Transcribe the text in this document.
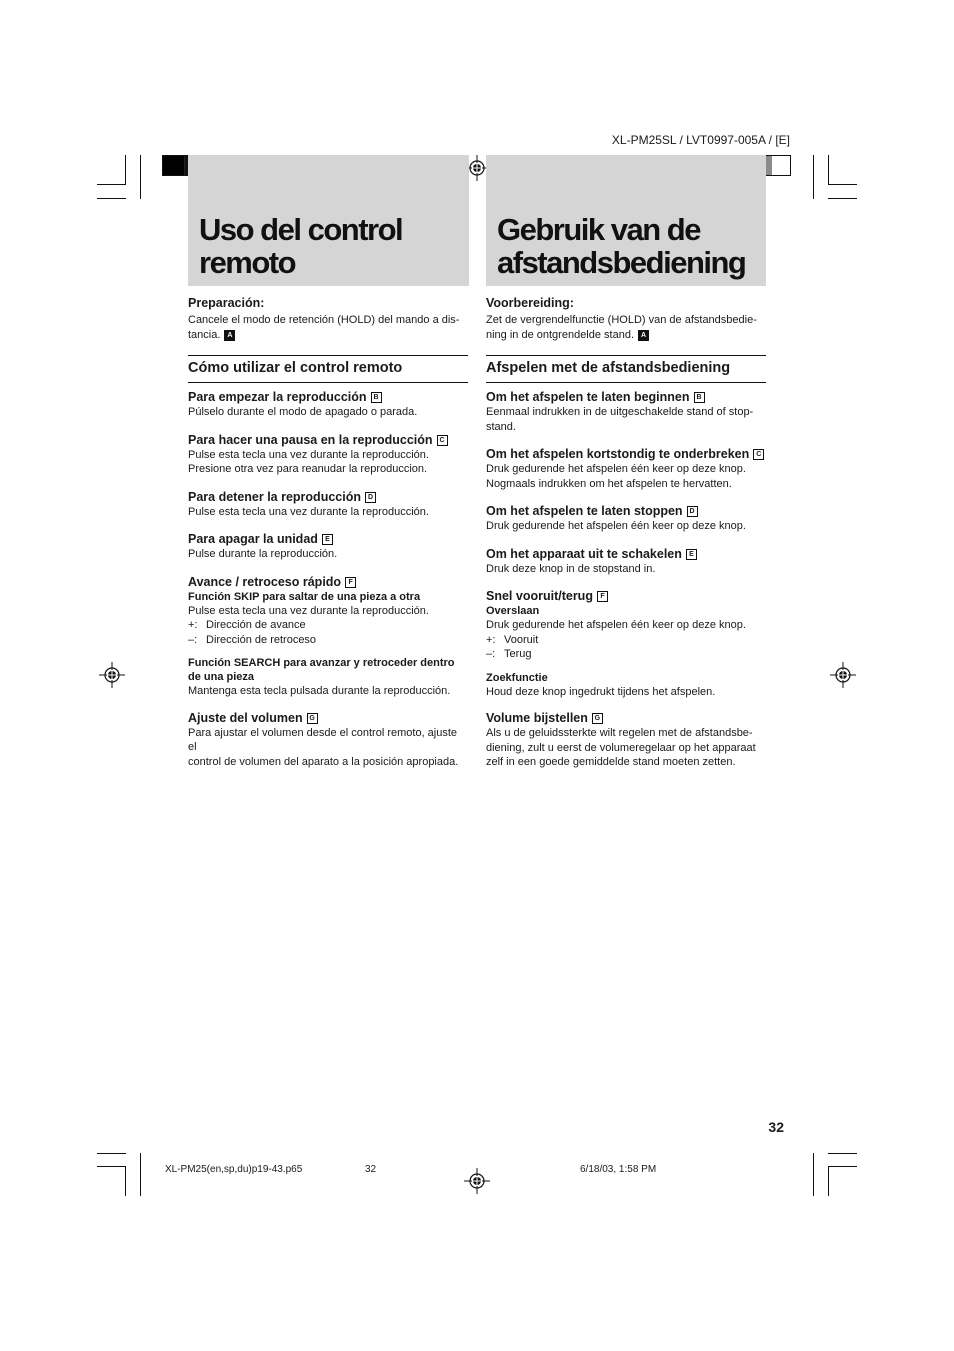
XL-PM25SL / LVT0997-005A / [E]
Uso del control
remoto
Gebruik van de
afstandsbediening

Preparación:

Cancele el modo de retención (HOLD) del mando a dis-
tancia. A

Cómo utilizar el control remoto

Para empezar la reproducción B

Púlselo durante el modo de apagado o parada.

Para hacer una pausa en la reproducción C

Pulse esta tecla una vez durante la reproducción.

Presione otra vez para reanudar la reproduccion.

Para detener la reproducción D

Pulse esta tecla una vez durante la reproducción.

Para apagar la unidad E

Pulse durante la reproducción.

Avance / retroceso rápido F

Función SKIP para saltar de una pieza a otra

Pulse esta tecla una vez durante la reproducción.

+: Dirección de avance

–: Dirección de retroceso

Función SEARCH para avanzar y retroceder dentro
de una pieza

Mantenga esta tecla pulsada durante la reproducción.

Ajuste del volumen G

Para ajustar el volumen desde el control remoto, ajuste el

control de volumen del aparato a la posición apropiada.

Voorbereiding:

Zet de vergrendelfunctie (HOLD) van de afstandsbedie-
ning in de ontgrendelde stand. A

Afspelen met de afstandsbediening

Om het afspelen te laten beginnen B

Eenmaal indrukken in de uitgeschakelde stand of stop-

stand.

Om het afspelen kortstondig te onderbreken C

Druk gedurende het afspelen één keer op deze knop.

Nogmaals indrukken om het afspelen te hervatten.

Om het afspelen te laten stoppen D

Druk gedurende het afspelen één keer op deze knop.

Om het apparaat uit te schakelen E

Druk deze knop in de stopstand in.

Snel vooruit/terug F

Overslaan

Druk gedurende het afspelen één keer op deze knop.

+: Vooruit

–: Terug

Zoekfunctie

Houd deze knop ingedrukt tijdens het afspelen.

Volume bijstellen G

Als u de geluidssterkte wilt regelen met de afstandsbe-

diening, zult u eerst de volumeregelaar op het apparaat

zelf in een goede gemiddelde stand moeten zetten.

32
XL-PM25(en,sp,du)p19-43.p65	32	6/18/03, 1:58 PM
